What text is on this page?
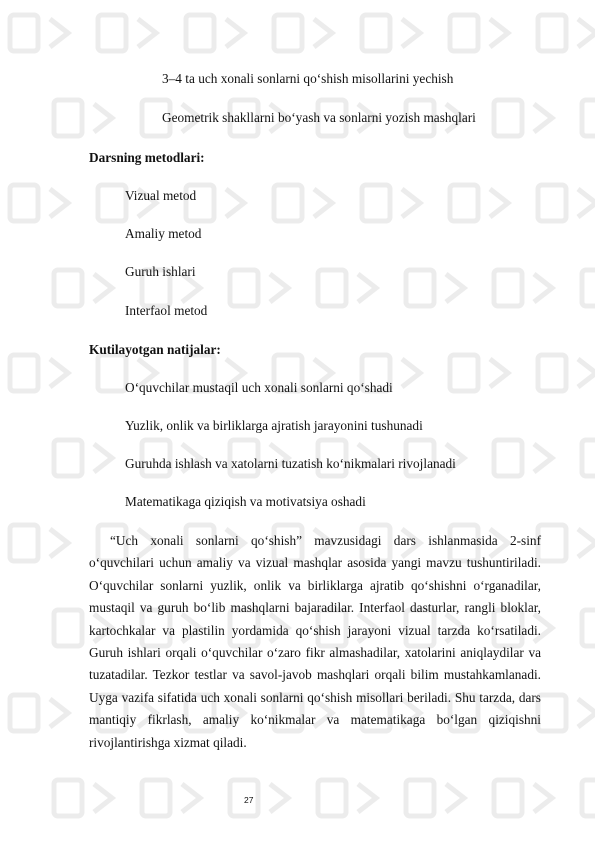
3–4 ta uch xonali sonlarni qo‘shish misollarini yechish
Geometrik shakllarni bo‘yash va sonlarni yozish mashqlari
Darsning metodlari:
Vizual metod
Amaliy metod
Guruh ishlari
Interfaol metod
Kutilayotgan natijalar:
O‘quvchilar mustaqil uch xonali sonlarni qo‘shadi
Yuzlik, onlik va birliklarga ajratish jarayonini tushunadi
Guruhda ishlash va xatolarni tuzatish ko‘nikmalari rivojlanadi
Matematikaga qiziqish va motivatsiya oshadi
“Uch xonali sonlarni qo‘shish” mavzusidagi dars ishlanmasida 2-sinf o‘quvchilari uchun amaliy va vizual mashqlar asosida yangi mavzu tushuntiriladi. O‘quvchilar sonlarni yuzlik, onlik va birliklarga ajratib qo‘shishni o‘rganadilar, mustaqil va guruh bo‘lib mashqlarni bajaradilar. Interfaol dasturlar, rangli bloklar, kartochkalar va plastilin yordamida qo‘shish jarayoni vizual tarzda ko‘rsatiladi. Guruh ishlari orqali o‘quvchilar o‘zaro fikr almashadilar, xatolarini aniqlaydilar va tuzatadilar. Tezkor testlar va savol-javob mashqlari orqali bilim mustahkamlanadi. Uyga vazifa sifatida uch xonali sonlarni qo‘shish misollari beriladi. Shu tarzda, dars mantiqiy fikrlash, amaliy ko‘nikmalar va matematikaga bo‘lgan qiziqishni rivojlantirishga xizmat qiladi.
27
